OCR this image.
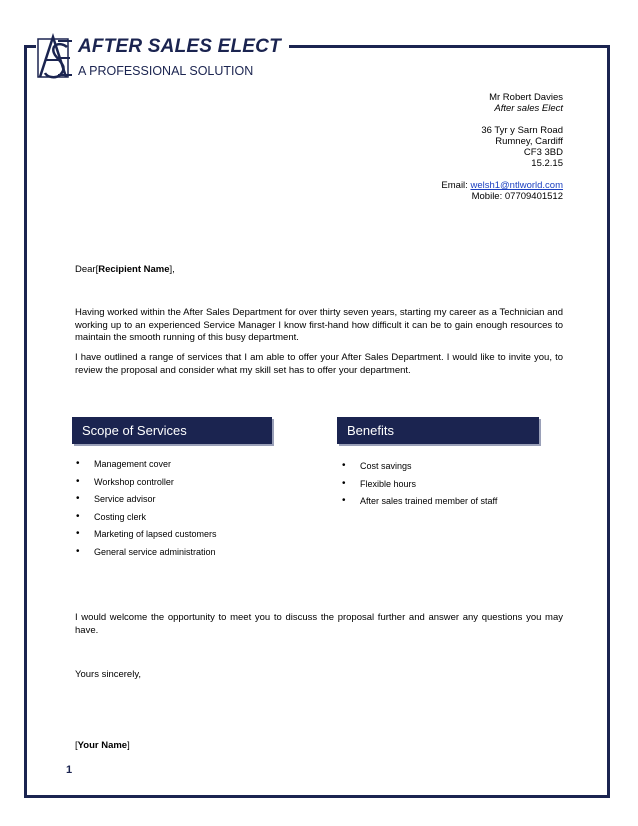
AFTER SALES ELECT
A PROFESSIONAL SOLUTION
Mr Robert Davies
After sales Elect
36 Tyr y Sarn Road
Rumney, Cardiff
CF3 3BD
15.2.15
Email: welsh1@ntlworld.com
Mobile: 07709401512
Dear[Recipient Name],
Having worked within the After Sales Department for over thirty seven years, starting my career as a Technician and working up to an experienced Service Manager I know first-hand how difficult it can be to gain enough resources to maintain the smooth running of this busy department.
I have outlined a range of services that I am able to offer your After Sales Department. I would like to invite you, to review the proposal and consider what my skill set has to offer your department.
Scope of Services	Benefits
• Management cover
• Workshop controller
• Service advisor
• Costing clerk
• Marketing of lapsed customers
• General service administration
• Cost savings
• Flexible hours
• After sales trained member of staff
I would welcome the opportunity to meet you to discuss the proposal further and answer any questions you may have.
Yours sincerely,
[Your Name]
1
